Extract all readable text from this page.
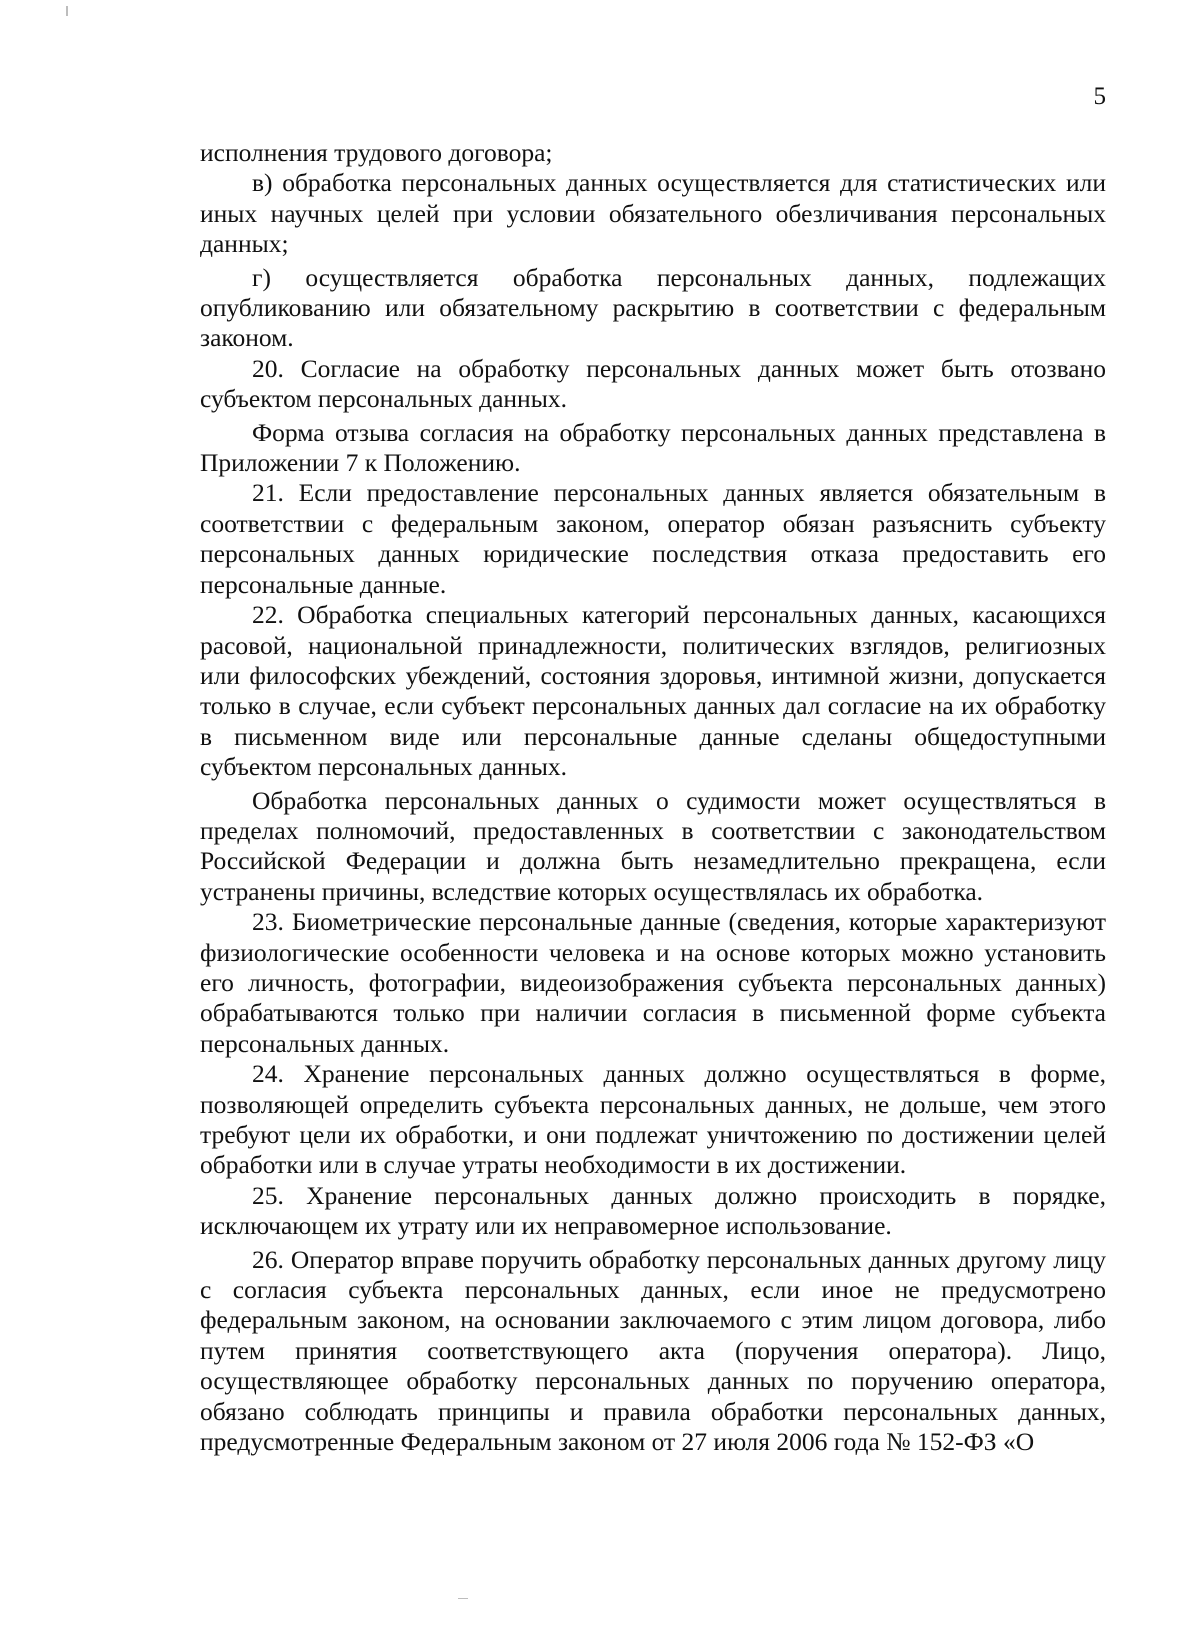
5

исполнения трудового договора;

в) обработка персональных данных осуществляется для статистических или иных научных целей при условии обязательного обезличивания персональных данных;

г) осуществляется обработка персональных данных, подлежащих опубликованию или обязательному раскрытию в соответствии с федеральным законом.

20. Согласие на обработку персональных данных может быть отозвано субъектом персональных данных.

Форма отзыва согласия на обработку персональных данных представлена в Приложении 7 к Положению.

21. Если предоставление персональных данных является обязательным в соответствии с федеральным законом, оператор обязан разъяснить субъекту персональных данных юридические последствия отказа предоставить его персональные данные.

22. Обработка специальных категорий персональных данных, касающихся расовой, национальной принадлежности, политических взглядов, религиозных или философских убеждений, состояния здоровья, интимной жизни, допускается только в случае, если субъект персональных данных дал согласие на их обработку в письменном виде или персональные данные сделаны общедоступными субъектом персональных данных.

Обработка персональных данных о судимости может осуществляться в пределах полномочий, предоставленных в соответствии с законодательством Российской Федерации и должна быть незамедлительно прекращена, если устранены причины, вследствие которых осуществлялась их обработка.

23. Биометрические персональные данные (сведения, которые характеризуют физиологические особенности человека и на основе которых можно установить его личность, фотографии, видеоизображения субъекта персональных данных) обрабатываются только при наличии согласия в письменной форме субъекта персональных данных.

24. Хранение персональных данных должно осуществляться в форме, позволяющей определить субъекта персональных данных, не дольше, чем этого требуют цели их обработки, и они подлежат уничтожению по достижении целей обработки или в случае утраты необходимости в их достижении.

25. Хранение персональных данных должно происходить в порядке, исключающем их утрату или их неправомерное использование.

26. Оператор вправе поручить обработку персональных данных другому лицу с согласия субъекта персональных данных, если иное не предусмотрено федеральным законом, на основании заключаемого с этим лицом договора, либо путем принятия соответствующего акта (поручения оператора). Лицо, осуществляющее обработку персональных данных по поручению оператора, обязано соблюдать принципы и правила обработки персональных данных, предусмотренные Федеральным законом от 27 июля 2006 года № 152-ФЗ «О
